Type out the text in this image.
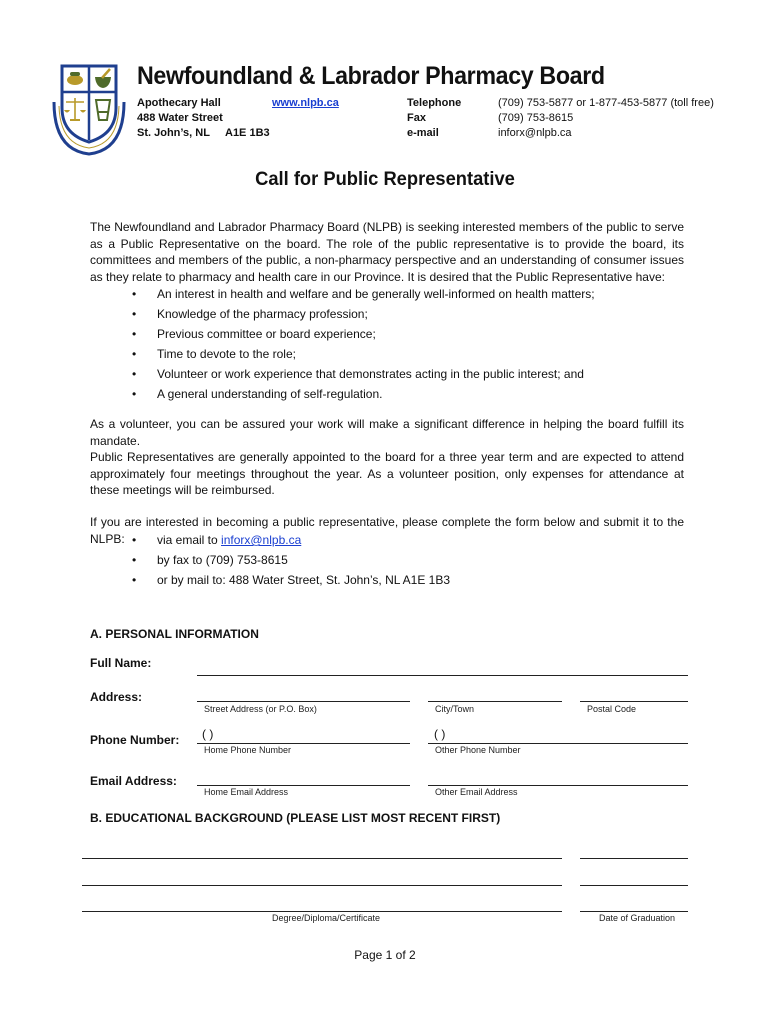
Newfoundland & Labrador Pharmacy Board
Apothecary Hall
488 Water Street
St. John’s, NL A1E 1B3
www.nlpb.ca	Telephone
Fax
e-mail
(709) 753-5877 or 1-877-453-5877 (toll free)
(709) 753-8615
inforx@nlpb.ca
Call for Public Representative
The Newfoundland and Labrador Pharmacy Board (NLPB) is seeking interested members of the public to serve as a Public Representative on the board. The role of the public representative is to provide the board, its committees and members of the public, a non-pharmacy perspective and an understanding of consumer issues as they relate to pharmacy and health care in our Province. It is desired that the Public Representative have:
• An interest in health and welfare and be generally well-informed on health matters;
• Knowledge of the pharmacy profession;
• Previous committee or board experience;
• Time to devote to the role;
• Volunteer or work experience that demonstrates acting in the public interest; and
• A general understanding of self-regulation.
As a volunteer, you can be assured your work will make a significant difference in helping the board fulfill its mandate.
Public Representatives are generally appointed to the board for a three year term and are expected to attend approximately four meetings throughout the year. As a volunteer position, only expenses for attendance at these meetings will be reimbursed.
If you are interested in becoming a public representative, please complete the form below and submit it to the NLPB:
•	via email to inforx@nlpb.ca
• by fax to (709) 753-8615
• or by mail to: 488 Water Street, St. John’s, NL A1E 1B3
A. PERSONAL INFORMATION
Full Name:
Address:
Street Address (or P.O. Box)	City/Town	Postal Code
Phone Number: ( )	( )
Home Phone Number	Other Phone Number
Email Address:
Home Email Address	Other Email Address
B. EDUCATIONAL BACKGROUND (PLEASE LIST MOST RECENT FIRST)
Degree/Diploma/Certificate	Date of Graduation
Page 1 of 2
